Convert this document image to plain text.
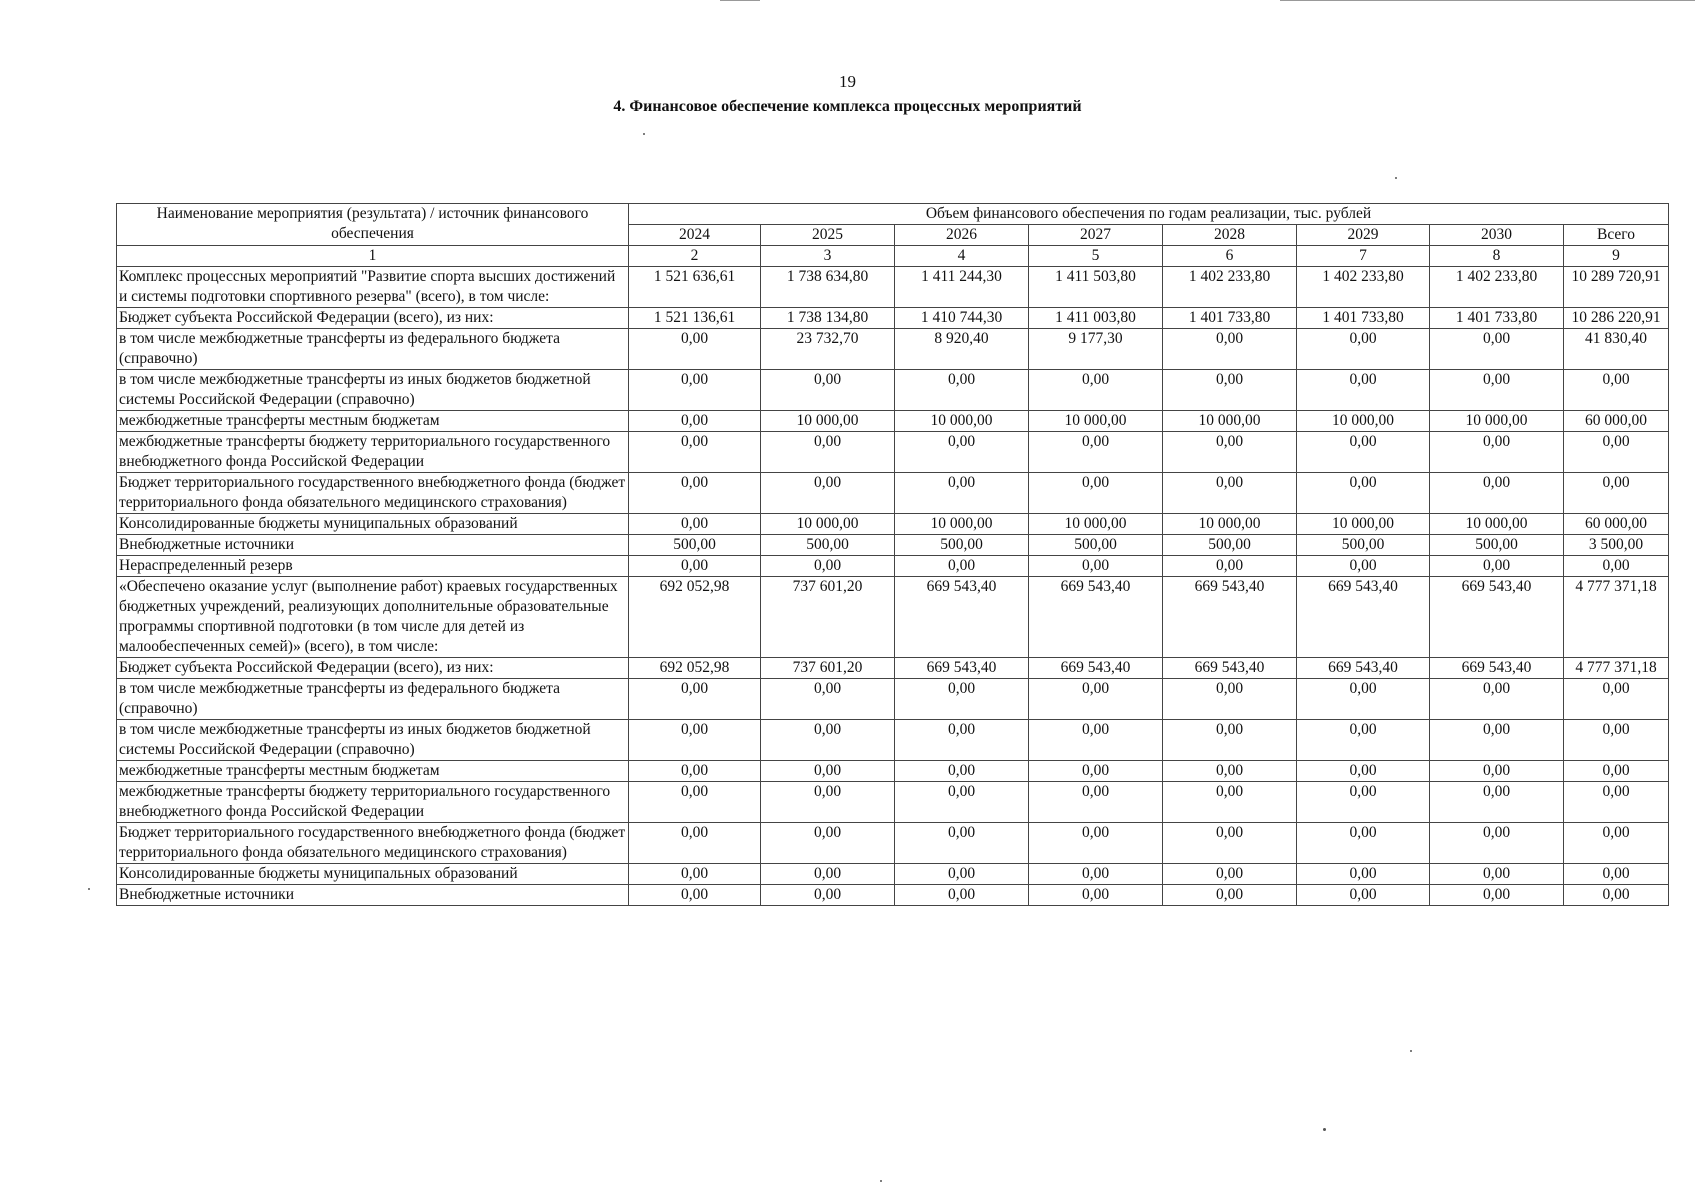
19
4. Финансовое обеспечение комплекса процессных мероприятий
Наименование мероприятия (результата) / источник финансового обеспечения	Объем финансового обеспечения по годам реализации, тыс. рублей							
	2024	2025	2026	2027	2028	2029	2030	Всего
1	2	3	4	5	6	7	8	9
Комплекс процессных мероприятий "Развитие спорта высших достижений и системы подготовки спортивного резерва" (всего), в том числе:	1 521 636,61	1 738 634,80	1 411 244,30	1 411 503,80	1 402 233,80	1 402 233,80	1 402 233,80	10 289 720,91
Бюджет субъекта Российской Федерации (всего), из них:	1 521 136,61	1 738 134,80	1 410 744,30	1 411 003,80	1 401 733,80	1 401 733,80	1 401 733,80	10 286 220,91
в том числе межбюджетные трансферты из федерального бюджета (справочно)	0,00	23 732,70	8 920,40	9 177,30	0,00	0,00	0,00	41 830,40
в том числе межбюджетные трансферты из иных бюджетов бюджетной системы Российской Федерации (справочно)	0,00	0,00	0,00	0,00	0,00	0,00	0,00	0,00
межбюджетные трансферты местным бюджетам	0,00	10 000,00	10 000,00	10 000,00	10 000,00	10 000,00	10 000,00	60 000,00
межбюджетные трансферты бюджету территориального государственного внебюджетного фонда Российской Федерации	0,00	0,00	0,00	0,00	0,00	0,00	0,00	0,00
Бюджет территориального государственного внебюджетного фонда (бюджет территориального фонда обязательного медицинского страхования)	0,00	0,00	0,00	0,00	0,00	0,00	0,00	0,00
Консолидированные бюджеты муниципальных образований	0,00	10 000,00	10 000,00	10 000,00	10 000,00	10 000,00	10 000,00	60 000,00
Внебюджетные источники	500,00	500,00	500,00	500,00	500,00	500,00	500,00	3 500,00
Нераспределенный резерв	0,00	0,00	0,00	0,00	0,00	0,00	0,00	0,00
«Обеспечено оказание услуг (выполнение работ) краевых государственных бюджетных учреждений, реализующих дополнительные образовательные программы спортивной подготовки (в том числе для детей из малообеспеченных семей)» (всего), в том числе:	692 052,98	737 601,20	669 543,40	669 543,40	669 543,40	669 543,40	669 543,40	4 777 371,18
Бюджет субъекта Российской Федерации (всего), из них:	692 052,98	737 601,20	669 543,40	669 543,40	669 543,40	669 543,40	669 543,40	4 777 371,18
в том числе межбюджетные трансферты из федерального бюджета (справочно)	0,00	0,00	0,00	0,00	0,00	0,00	0,00	0,00
в том числе межбюджетные трансферты из иных бюджетов бюджетной системы Российской Федерации (справочно)	0,00	0,00	0,00	0,00	0,00	0,00	0,00	0,00
межбюджетные трансферты местным бюджетам	0,00	0,00	0,00	0,00	0,00	0,00	0,00	0,00
межбюджетные трансферты бюджету территориального государственного внебюджетного фонда Российской Федерации	0,00	0,00	0,00	0,00	0,00	0,00	0,00	0,00
Бюджет территориального государственного внебюджетного фонда (бюджет территориального фонда обязательного медицинского страхования)	0,00	0,00	0,00	0,00	0,00	0,00	0,00	0,00
Консолидированные бюджеты муниципальных образований	0,00	0,00	0,00	0,00	0,00	0,00	0,00	0,00
Внебюджетные источники	0,00	0,00	0,00	0,00	0,00	0,00	0,00	0,00
